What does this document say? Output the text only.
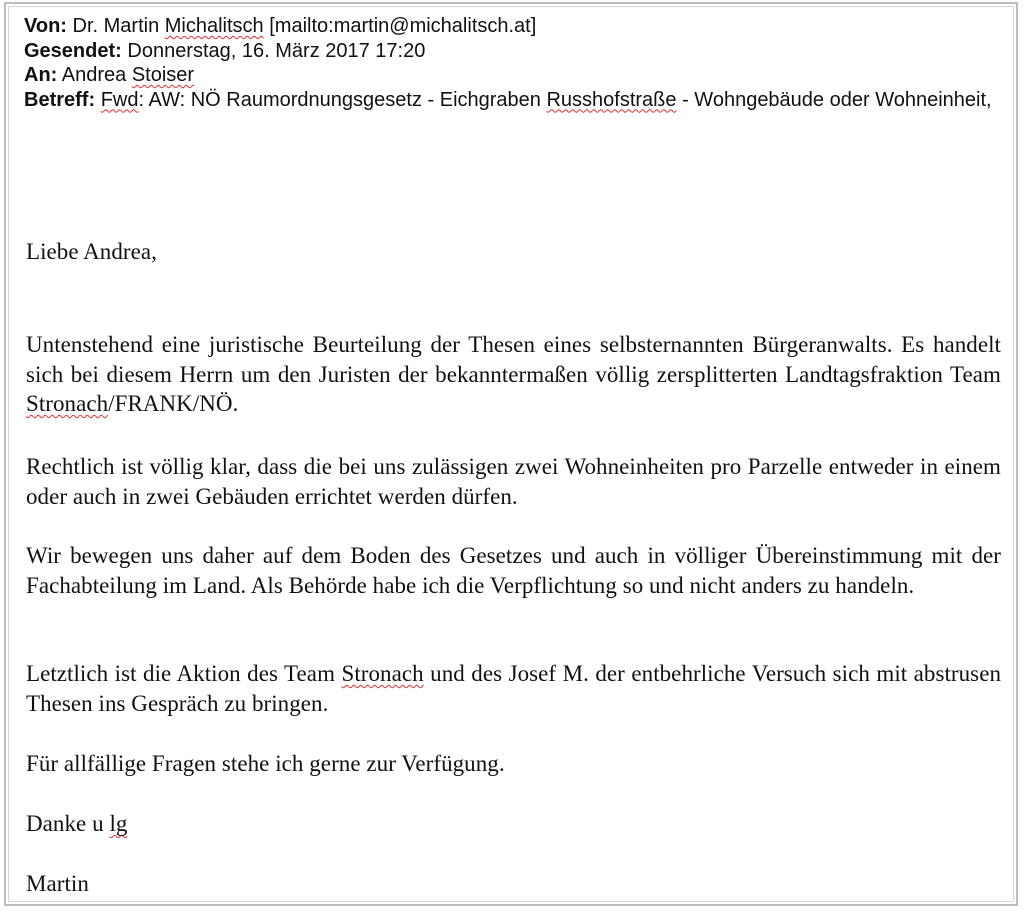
Von: Dr. Martin Michalitsch [mailto:martin@michalitsch.at]
Gesendet: Donnerstag, 16. März 2017 17:20
An: Andrea Stoiser
Betreff: Fwd: AW: NÖ Raumordnungsgesetz - Eichgraben Russhofstraße - Wohngebäude oder Wohneinheit,

Liebe Andrea,

Untenstehend eine juristische Beurteilung der Thesen eines selbsternannten Bürgeranwalts. Es handelt sich bei diesem Herrn um den Juristen der bekanntermaßen völlig zersplitterten Landtagsfraktion Team Stronach/FRANK/NÖ.

Rechtlich ist völlig klar, dass die bei uns zulässigen zwei Wohneinheiten pro Parzelle entweder in einem oder auch in zwei Gebäuden errichtet werden dürfen.

Wir bewegen uns daher auf dem Boden des Gesetzes und auch in völliger Übereinstimmung mit der Fachabteilung im Land. Als Behörde habe ich die Verpflichtung so und nicht anders zu handeln.

Letztlich ist die Aktion des Team Stronach und des Josef M. der entbehrliche Versuch sich mit abstrusen Thesen ins Gespräch zu bringen.

Für allfällige Fragen stehe ich gerne zur Verfügung.

Danke u lg

Martin
